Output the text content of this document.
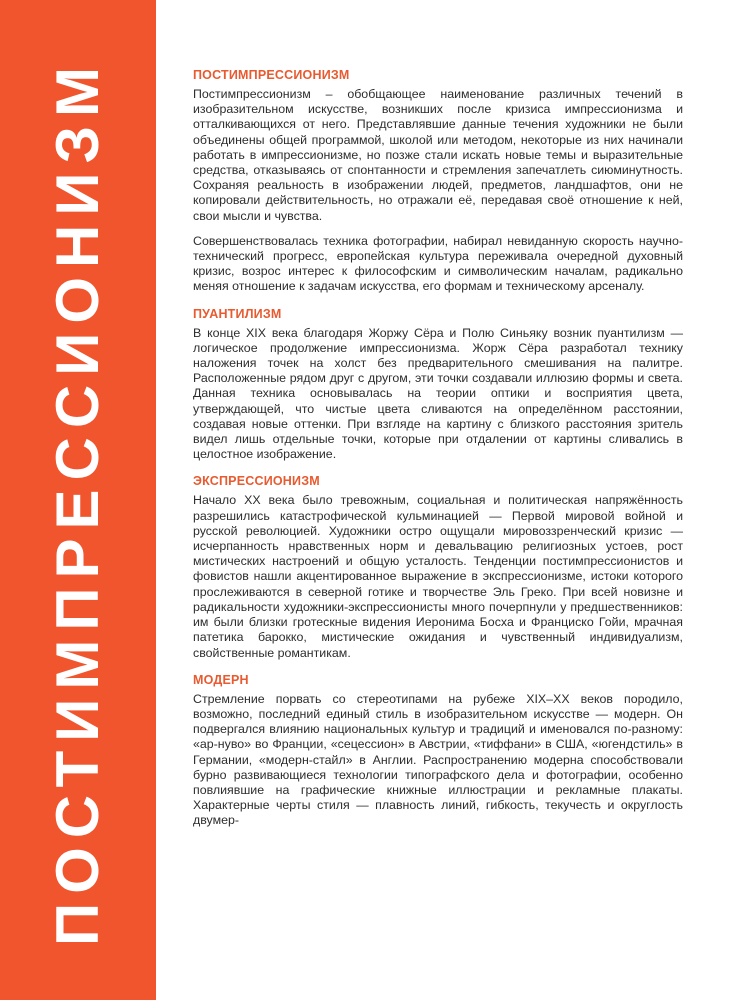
ПОСТИМПРЕССИОНИЗМ	ПОСТИМПРЕССИОНИЗМ

Постимпрессионизм – обобщающее наименование различных течений в изобразительном искусстве, возникших после кризиса импрессионизма и отталкивающихся от него. Представлявшие данные течения художники не были объединены общей программой, школой или методом, некоторые из них начинали работать в импрессионизме, но позже стали искать новые темы и выразительные средства, отказываясь от спонтанности и стремления запечатлеть сиюминутность. Сохраняя реальность в изображении людей, предметов, ландшафтов, они не копировали действительность, но отражали её, передавая своё отношение к ней, свои мысли и чувства.

Совершенствовалась техника фотографии, набирал невиданную скорость научно-технический прогресс, европейская культура переживала очередной духовный кризис, возрос интерес к философским и символическим началам, радикально меняя отношение к задачам искусства, его формам и техническому арсеналу.

ПУАНТИЛИЗМ

В конце XIX века благодаря Жоржу Сёра и Полю Синьяку возник пуантилизм — логическое продолжение импрессионизма. Жорж Сёра разработал технику наложения точек на холст без предварительного смешивания на палитре. Расположенные рядом друг с другом, эти точки создавали иллюзию формы и света. Данная техника основывалась на теории оптики и восприятия цвета, утверждающей, что чистые цвета сливаются на определённом расстоянии, создавая новые оттенки. При взгляде на картину с близкого расстояния зритель видел лишь отдельные точки, которые при отдалении от картины сливались в целостное изображение.

ЭКСПРЕССИОНИЗМ

Начало XX века было тревожным, социальная и политическая напряжённость разрешились катастрофической кульминацией — Первой мировой войной и русской революцией. Художники остро ощущали мировоззренческий кризис — исчерпанность нравственных норм и девальвацию религиозных устоев, рост мистических настроений и общую усталость. Тенденции постимпрессионистов и фовистов нашли акцентированное выражение в экспрессионизме, истоки которого прослеживаются в северной готике и творчестве Эль Греко. При всей новизне и радикальности художники-экспрессионисты много почерпнули у предшественников: им были близки гротескные видения Иеронима Босха и Франциско Гойи, мрачная патетика барокко, мистические ожидания и чувственный индивидуализм, свойственные романтикам.

МОДЕРН

Стремление порвать со стереотипами на рубеже XIX–XX веков породило, возможно, последний единый стиль в изобразительном искусстве — модерн. Он подвергался влиянию национальных культур и традиций и именовался по-разному: «ар-нуво» во Франции, «сецессион» в Австрии, «тиффани» в США, «югендстиль» в Германии, «модерн-стайл» в Англии. Распространению модерна способствовали бурно развивающиеся технологии типографского дела и фотографии, особенно повлиявшие на графические книжные иллюстрации и рекламные плакаты. Характерные черты стиля — плавность линий, гибкость, текучесть и округлость двумер-
